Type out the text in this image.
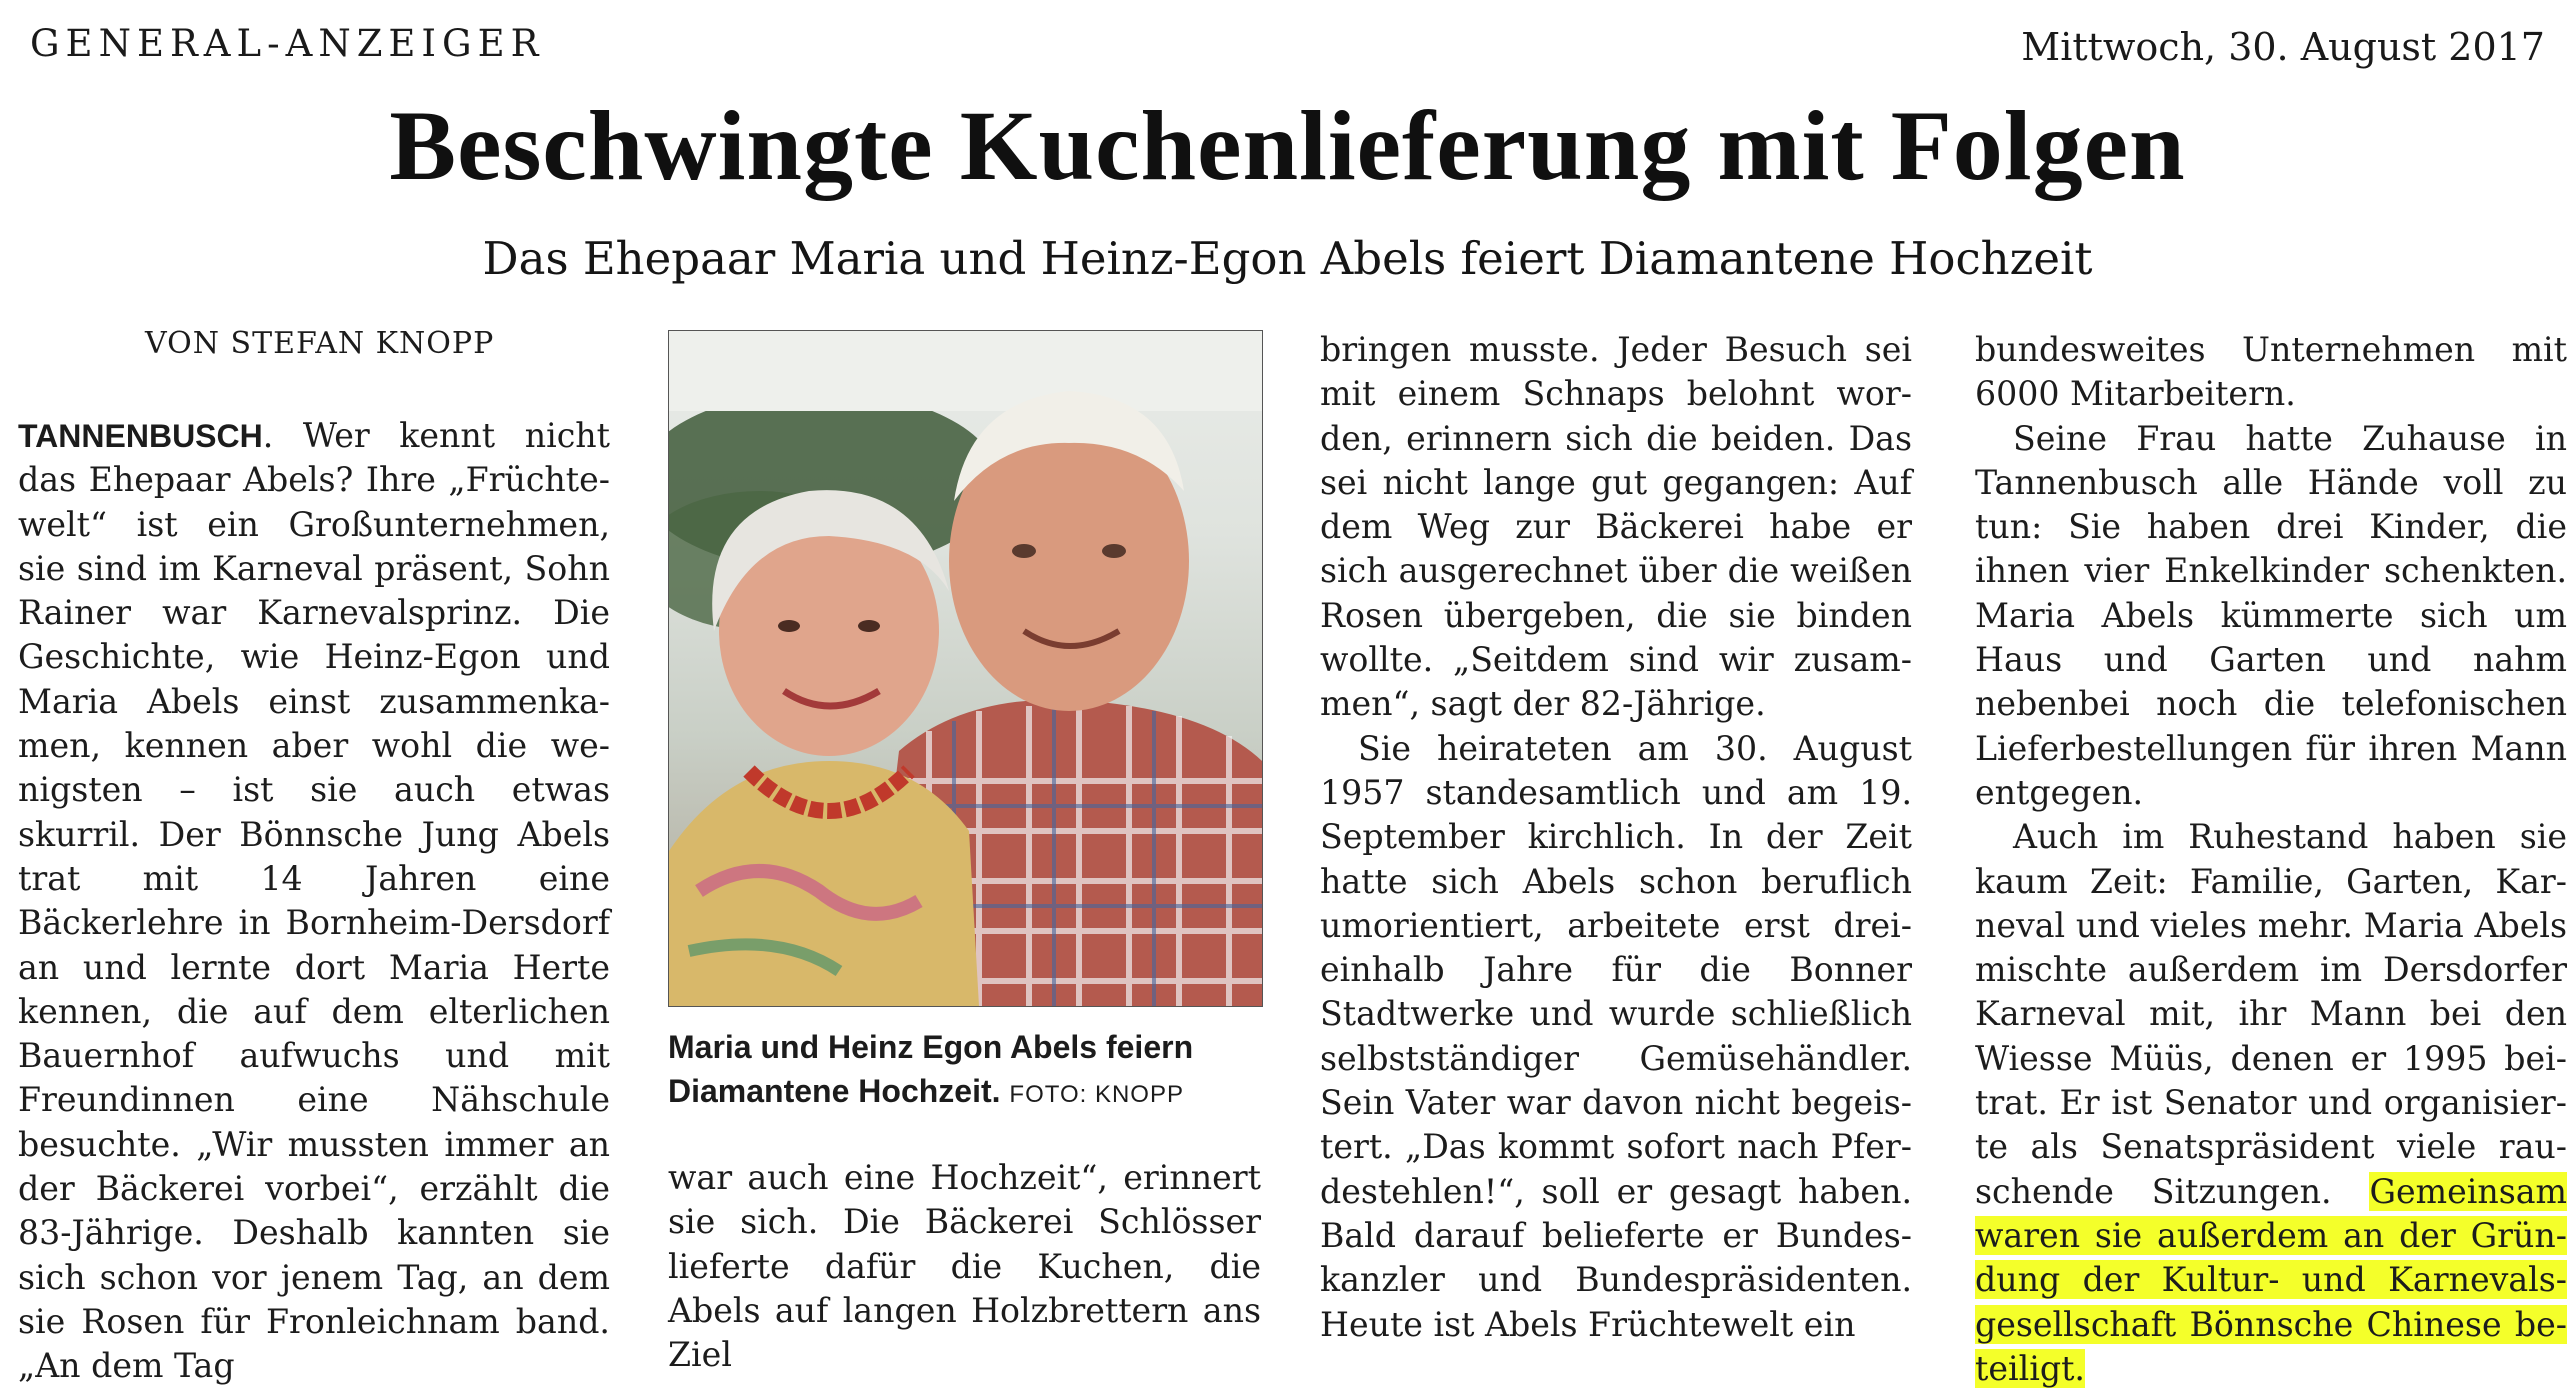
GENERAL-ANZEIGER	Mittwoch, 30. August 2017
Beschwingte Kuchenlieferung mit Folgen
Das Ehepaar Maria und Heinz-Egon Abels feiert Diamantene Hochzeit
VON STEFAN KNOPP

TANNENBUSCH. Wer kennt nicht das Ehepaar Abels? Ihre „Früchtewelt“ ist ein Großunternehmen, sie sind im Karneval präsent, Sohn Rainer war Karnevalsprinz. Die Geschichte, wie Heinz-Egon und Maria Abels einst zusammenkamen, kennen aber wohl die wenigsten – ist sie auch etwas skurril. Der Bönnsche Jung Abels trat mit 14 Jahren eine Bäckerlehre in Bornheim-Dersdorf an und lernte dort Maria Herte kennen, die auf dem elterlichen Bauernhof aufwuchs und mit Freundinnen eine Nähschule besuchte. „Wir mussten immer an der Bäckerei vorbei“, erzählt die 83-Jährige. Deshalb kannten sie sich schon vor jenem Tag, an dem sie Rosen für Fronleichnam band. „An dem Tag

Maria und Heinz Egon Abels feiern Diamantene Hochzeit. FOTO: KNOPP

war auch eine Hochzeit“, erinnert sie sich. Die Bäckerei Schlösser lieferte dafür die Kuchen, die Abels auf langen Holzbrettern ans Ziel

bringen musste. Jeder Besuch sei mit einem Schnaps belohnt worden, erinnern sich die beiden. Das sei nicht lange gut gegangen: Auf dem Weg zur Bäckerei habe er sich ausgerechnet über die weißen Rosen übergeben, die sie binden wollte. „Seitdem sind wir zusammen“, sagt der 82-Jährige.

Sie heirateten am 30. August 1957 standesamtlich und am 19. September kirchlich. In der Zeit hatte sich Abels schon beruflich umorientiert, arbeitete erst dreieinhalb Jahre für die Bonner Stadtwerke und wurde schließlich selbstständiger Gemüsehändler. Sein Vater war davon nicht begeistert. „Das kommt sofort nach Pferdestehlen!“, soll er gesagt haben. Bald darauf belieferte er Bundeskanzler und Bundespräsidenten. Heute ist Abels Früchtewelt ein

bundesweites Unternehmen mit 6000 Mitarbeitern.

Seine Frau hatte Zuhause in Tannenbusch alle Hände voll zu tun: Sie haben drei Kinder, die ihnen vier Enkelkinder schenkten. Maria Abels kümmerte sich um Haus und Garten und nahm nebenbei noch die telefonischen Lieferbestellungen für ihren Mann entgegen.

Auch im Ruhestand haben sie kaum Zeit: Familie, Garten, Karneval und vieles mehr. Maria Abels mischte außerdem im Dersdorfer Karneval mit, ihr Mann bei den Wiesse Müüs, denen er 1995 beitrat. Er ist Senator und organisierte als Senatspräsident viele rauschende Sitzungen. Gemeinsam waren sie außerdem an der Gründung der Kultur- und Karnevalsgesellschaft Bönnsche Chinese beteiligt.
